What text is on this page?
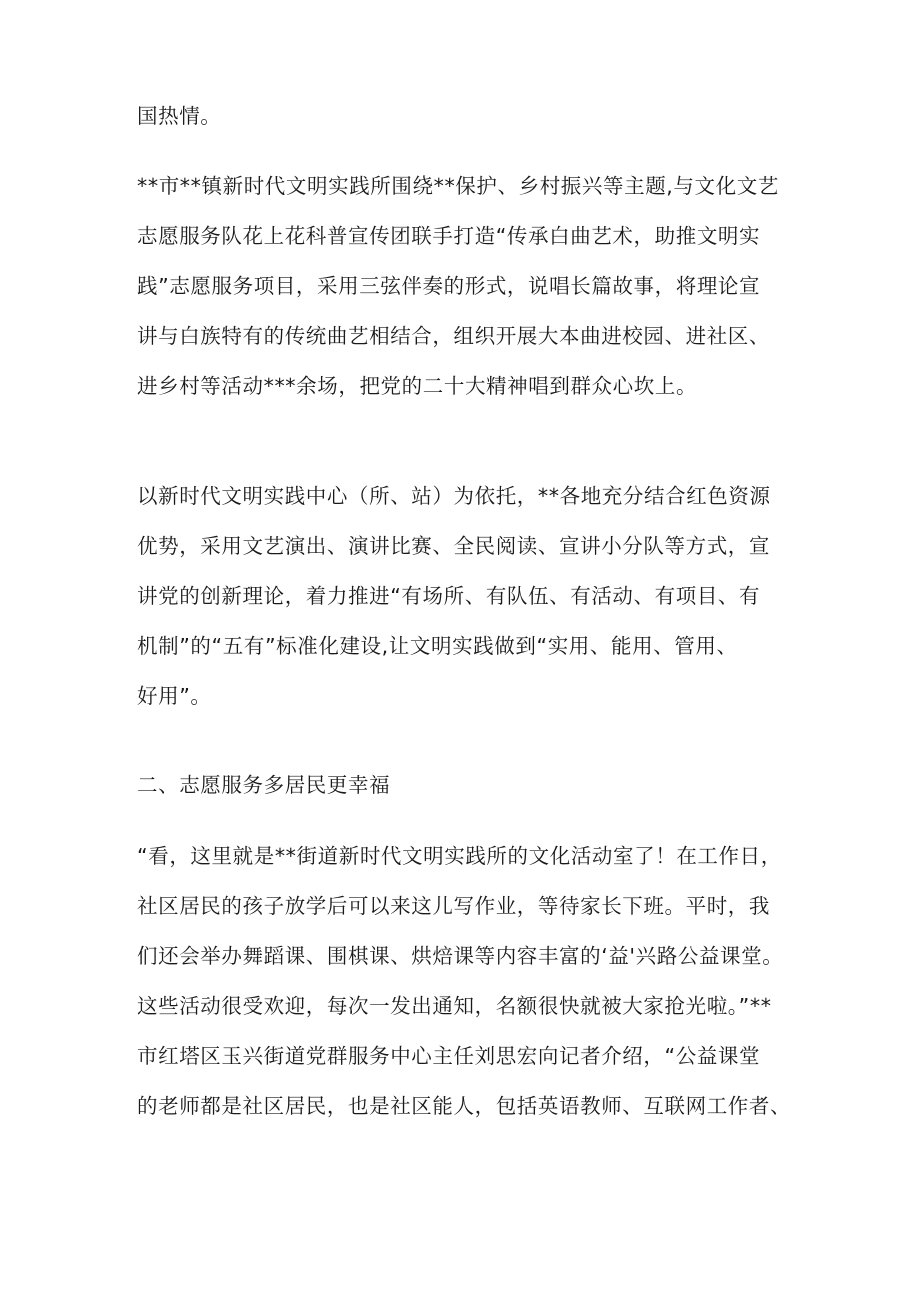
国热情。
**市**镇新时代文明实践所围绕**保护、乡村振兴等主题,与文化文艺
志愿服务队花上花科普宣传团联手打造“传承白曲艺术，助推文明实
践”志愿服务项目，采用三弦伴奏的形式，说唱长篇故事，将理论宣
讲与白族特有的传统曲艺相结合，组织开展大本曲进校园、进社区、
进乡村等活动***余场，把党的二十大精神唱到群众心坎上。
以新时代文明实践中心（所、站）为依托，**各地充分结合红色资源
优势，采用文艺演出、演讲比赛、全民阅读、宣讲小分队等方式，宣
讲党的创新理论，着力推进“有场所、有队伍、有活动、有项目、有
机制”的“五有”标准化建设,让文明实践做到“实用、能用、管用、
好用”。
二、志愿服务多居民更幸福
“看，这里就是**街道新时代文明实践所的文化活动室了！在工作日，
社区居民的孩子放学后可以来这儿写作业，等待家长下班。平时，我
们还会举办舞蹈课、围棋课、烘焙课等内容丰富的‘益'兴路公益课堂。
这些活动很受欢迎，每次一发出通知，名额很快就被大家抢光啦。”**
市红塔区玉兴街道党群服务中心主任刘思宏向记者介绍，“公益课堂
的老师都是社区居民，也是社区能人，包括英语教师、互联网工作者、
